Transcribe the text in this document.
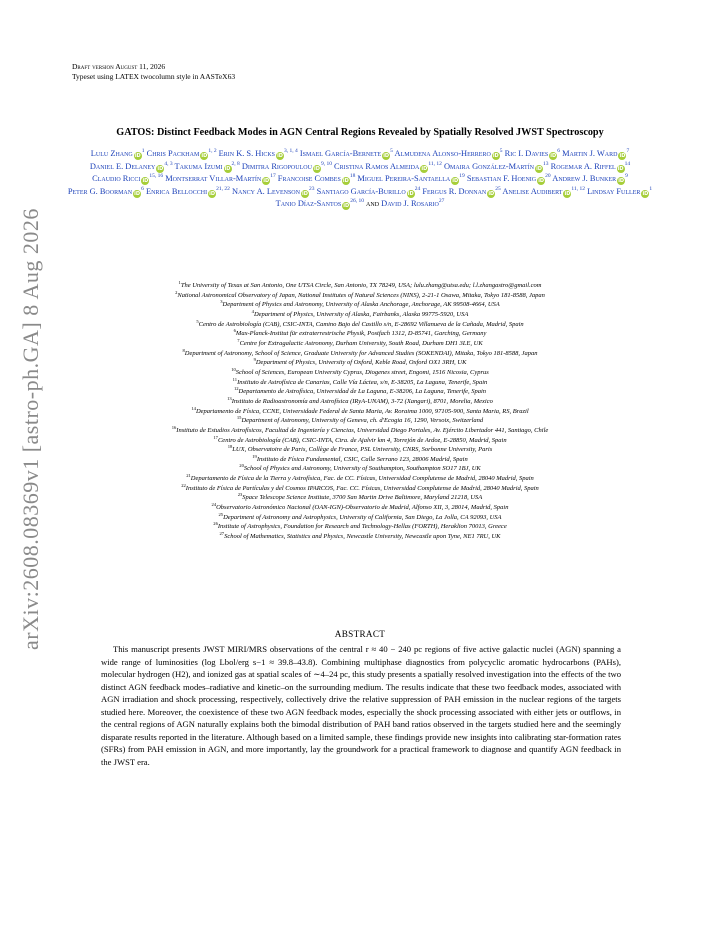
arXiv:2608.08369v1 [astro-ph.GA] 8 Aug 2026
Draft version August 11, 2026
Typeset using LATEX twocolumn style in AASTeX63
GATOS: Distinct Feedback Modes in AGN Central Regions Revealed by Spatially Resolved JWST Spectroscopy
Lulu Zhang $iD^1$ Chris Packham iD$^{1, 2}$ Erin K. S. Hicks iD$^{3, 1, 4}$ Ismael García-Bernete $iD^5$ Almudena Alonso-Herrero $iD^5$ Ric I. Davies $iD^6$ Martin J. Ward $iD^7$ Daniel E. Delaney iD$^{4, 3}$ Takuma Izumi iD$^{2, 8}$ Dimitra Rigopoulou iD$^{9, 10}$ Cristina Ramos Almeida iD$^{11, 12}$ Omaira González-Martín $iD^{13}$ Rogemar A. Riffel $iD^{14}$ Claudio Ricci iD$^{15, 16}$ Montserrat Villar-Martín $iD^{17}$ Francoise Combes $iD^{18}$ Miguel Pereira-Santaella $iD^{19}$ Sebastian F. Hoenig $iD^{20}$ Andrew J. Bunker $iD^9$ Peter G. Boorman $iD^6$ Enrica Bellocchi iD$^{21, 22}$ Nancy A. Levenson $iD^{23}$ Santiago García-Burillo $iD^{24}$ Fergus R. Donnan $iD^{25}$ Anelise Audibert iD$^{11, 12}$ Lindsay Fuller $iD^1$ Tanio Díaz-Santos iD$^{26, 10}$ and David J. Rosario$^{27}$
$^1$The University of Texas at San Antonio, One UTSA Circle, San Antonio, TX 78249, USA; lulu.zhang@utsa.edu; l.l.zhangastro@gmail.com
$^2$National Astronomical Observatory of Japan, National Institutes of Natural Sciences (NINS), 2-21-1 Osawa, Mitaka, Tokyo 181-8588, Japan
$^3$Department of Physics and Astronomy, University of Alaska Anchorage, Anchorage, AK 99508-4664, USA
$^4$Department of Physics, University of Alaska, Fairbanks, Alaska 99775-5920, USA
$^5$Centro de Astrobiología (CAB), CSIC-INTA, Camino Bajo del Castillo s/n, E-28692 Villanueva de la Cañada, Madrid, Spain
$^6$Max-Planck-Institut für extraterrestrische Physik, Postfach 1312, D-85741, Garching, Germany
$^7$Centre for Extragalactic Astronomy, Durham University, South Road, Durham DH1 3LE, UK
$^8$Department of Astronomy, School of Science, Graduate University for Advanced Studies (SOKENDAI), Mitaka, Tokyo 181-8588, Japan
$^9$Department of Physics, University of Oxford, Keble Road, Oxford OX1 3RH, UK
$^{10}$School of Sciences, European University Cyprus, Diogenes street, Engomi, 1516 Nicosia, Cyprus
$^{11}$Instituto de Astrofísica de Canarias, Calle Vía Láctea, s/n, E-38205, La Laguna, Tenerife, Spain
$^{12}$Departamento de Astrofísica, Universidad de La Laguna, E-38206, La Laguna, Tenerife, Spain
$^{13}$Instituto de Radioastronomía and Astrofísica (IRyA-UNAM), 3-72 (Xangari), 8701, Morelia, Mexico
$^{14}$Departamento de Física, CCNE, Universidade Federal de Santa Maria, Av. Roraima 1000, 97105-900, Santa Maria, RS, Brazil
$^{15}$Department of Astronomy, University of Geneva, ch. d'Ecogia 16, 1290, Versoix, Switzerland
$^{16}$Instituto de Estudios Astrofísicos, Facultad de Ingeniería y Ciencias, Universidad Diego Portales, Av. Ejército Libertador 441, Santiago, Chile
$^{17}$Centro de Astrobiología (CAB), CSIC-INTA, Ctra. de Ajalvir km 4, Torrejón de Ardoz, E-28850, Madrid, Spain
$^{18}$LUX, Observatoire de Paris, Collège de France, PSL University, CNRS, Sorbonne University, Paris
$^{19}$Instituto de Física Fundamental, CSIC, Calle Serrano 123, 28006 Madrid, Spain
$^{20}$School of Physics and Astronomy, University of Southampton, Southampton SO17 1BJ, UK
$^{21}$Departamento de Física de la Tierra y Astrofísica, Fac. de CC. Físicas, Universidad Complutense de Madrid, 28040 Madrid, Spain
$^{22}$Instituto de Física de Partículas y del Cosmos IPARCOS, Fac. CC. Físicas, Universidad Complutense de Madrid, 28040 Madrid, Spain
$^{23}$Space Telescope Science Institute, 3700 San Martin Drive Baltimore, Maryland 21218, USA
$^{24}$Observatorio Astronómico Nacional (OAN-IGN)-Observatorio de Madrid, Alfonso XII, 3, 28014, Madrid, Spain
$^{25}$Department of Astronomy and Astrophysics, University of California, San Diego, La Jolla, CA 92093, USA
$^{26}$Institute of Astrophysics, Foundation for Research and Technology-Hellas (FORTH), Heraklion 70013, Greece
$^{27}$School of Mathematics, Statistics and Physics, Newcastle University, Newcastle upon Tyne, NE1 7RU, UK
ABSTRACT
This manuscript presents JWST MIRI/MRS observations of the central r ≈ 40 − 240 pc regions of five active galactic nuclei (AGN) spanning a wide range of luminosities (log Lbol/erg s−1 ≈ 39.8–43.8). Combining multiphase diagnostics from polycyclic aromatic hydrocarbons (PAHs), molecular hydrogen (H2), and ionized gas at spatial scales of ∼4–24 pc, this study presents a spatially resolved investigation into the effects of the two distinct AGN feedback modes–radiative and kinetic–on the surrounding medium. The results indicate that these two feedback modes, associated with AGN irradiation and shock processing, respectively, collectively drive the relative suppression of PAH emission in the nuclear regions of the targets studied here. Moreover, the coexistence of these two AGN feedback modes, especially the shock processing associated with either jets or outflows, in the central regions of AGN naturally explains both the bimodal distribution of PAH band ratios observed in the targets studied here and the seemingly disparate results reported in the literature. Although based on a limited sample, these findings provide new insights into calibrating star-formation rates (SFRs) from PAH emission in AGN, and more importantly, lay the groundwork for a practical framework to diagnose and quantify AGN feedback in the JWST era.
